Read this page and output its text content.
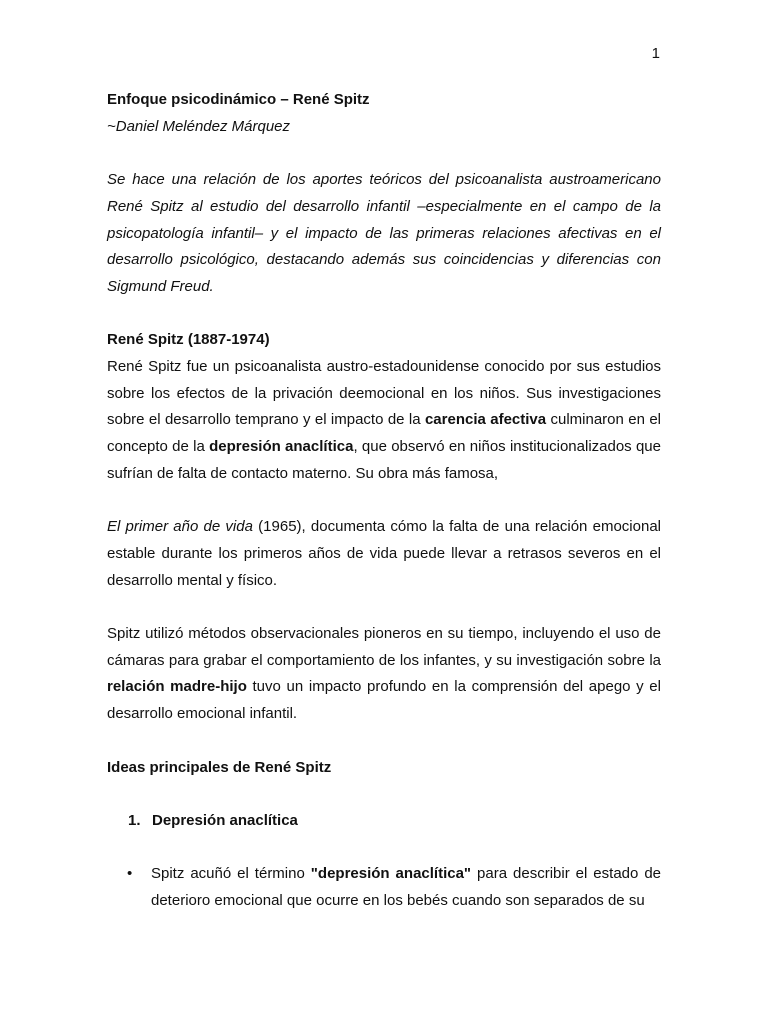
1

Enfoque psicodinámico – René Spitz

~Daniel Meléndez Márquez

Se hace una relación de los aportes teóricos del psicoanalista austroamericano René Spitz al estudio del desarrollo infantil –especialmente en el campo de la psicopatología infantil– y el impacto de las primeras relaciones afectivas en el desarrollo psicológico, destacando además sus coincidencias y diferencias con Sigmund Freud.

René Spitz (1887-1974)

René Spitz fue un psicoanalista austro-estadounidense conocido por sus estudios sobre los efectos de la privación deemocional en los niños. Sus investigaciones sobre el desarrollo temprano y el impacto de la carencia afectiva culminaron en el concepto de la depresión anaclítica, que observó en niños institucionalizados que sufrían de falta de contacto materno. Su obra más famosa,

El primer año de vida (1965), documenta cómo la falta de una relación emocional estable durante los primeros años de vida puede llevar a retrasos severos en el desarrollo mental y físico.

Spitz utilizó métodos observacionales pioneros en su tiempo, incluyendo el uso de cámaras para grabar el comportamiento de los infantes, y su investigación sobre la relación madre-hijo tuvo un impacto profundo en la comprensión del apego y el desarrollo emocional infantil.

Ideas principales de René Spitz

1. Depresión anaclítica
•	Spitz acuñó el término "depresión anaclítica" para describir el estado de deterioro emocional que ocurre en los bebés cuando son separados de su
